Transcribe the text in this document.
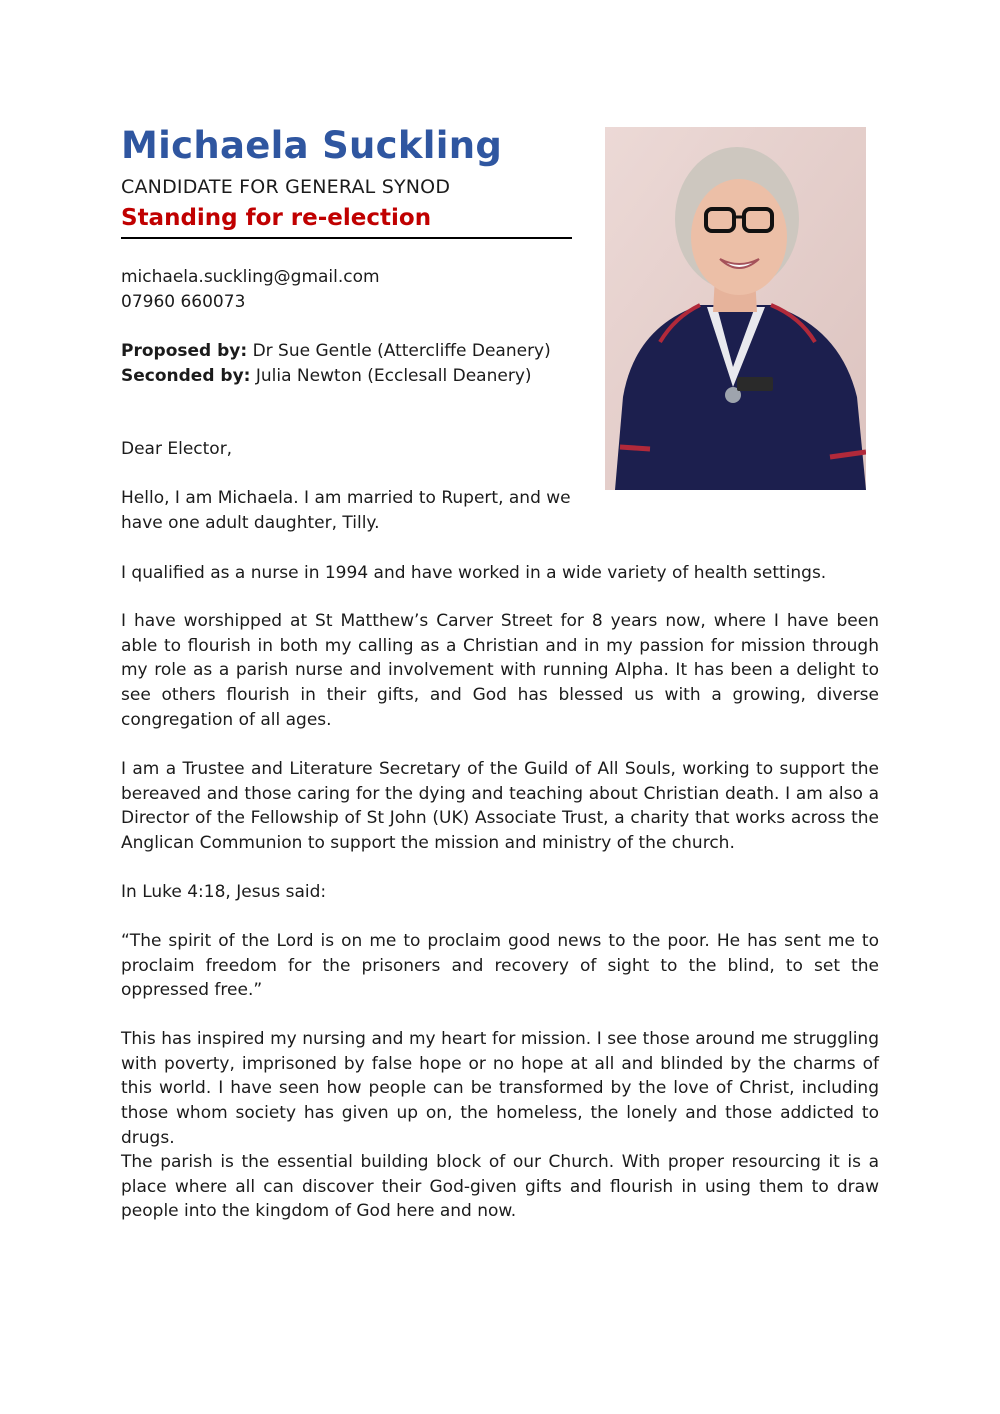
Michaela Suckling
CANDIDATE FOR GENERAL SYNOD
Standing for re-election
michaela.suckling@gmail.com
07960 660073
Proposed by: Dr Sue Gentle (Attercliffe Deanery)
Seconded by: Julia Newton (Ecclesall Deanery)

Dear Elector,

Hello, I am Michaela. I am married to Rupert, and we
have one adult daughter, Tilly.

I qualified as a nurse in 1994 and have worked in a wide variety of health settings.

I have worshipped at St Matthew’s Carver Street for 8 years now, where I have been able to flourish in both my calling as a Christian and in my passion for mission through my role as a parish nurse and involvement with running Alpha. It has been a delight to see others flourish in their gifts, and God has blessed us with a growing, diverse congregation of all ages.

I am a Trustee and Literature Secretary of the Guild of All Souls, working to support the bereaved and those caring for the dying and teaching about Christian death. I am also a Director of the Fellowship of St John (UK) Associate Trust, a charity that works across the Anglican Communion to support the mission and ministry of the church.

In Luke 4:18, Jesus said:

“The spirit of the Lord is on me to proclaim good news to the poor. He has sent me to proclaim freedom for the prisoners and recovery of sight to the blind, to set the oppressed free.”

This has inspired my nursing and my heart for mission. I see those around me struggling with poverty, imprisoned by false hope or no hope at all and blinded by the charms of this world. I have seen how people can be transformed by the love of Christ, including those whom society has given up on, the homeless, the lonely and those addicted to drugs.

The parish is the essential building block of our Church. With proper resourcing it is a place where all can discover their God-given gifts and flourish in using them to draw people into the kingdom of God here and now.
